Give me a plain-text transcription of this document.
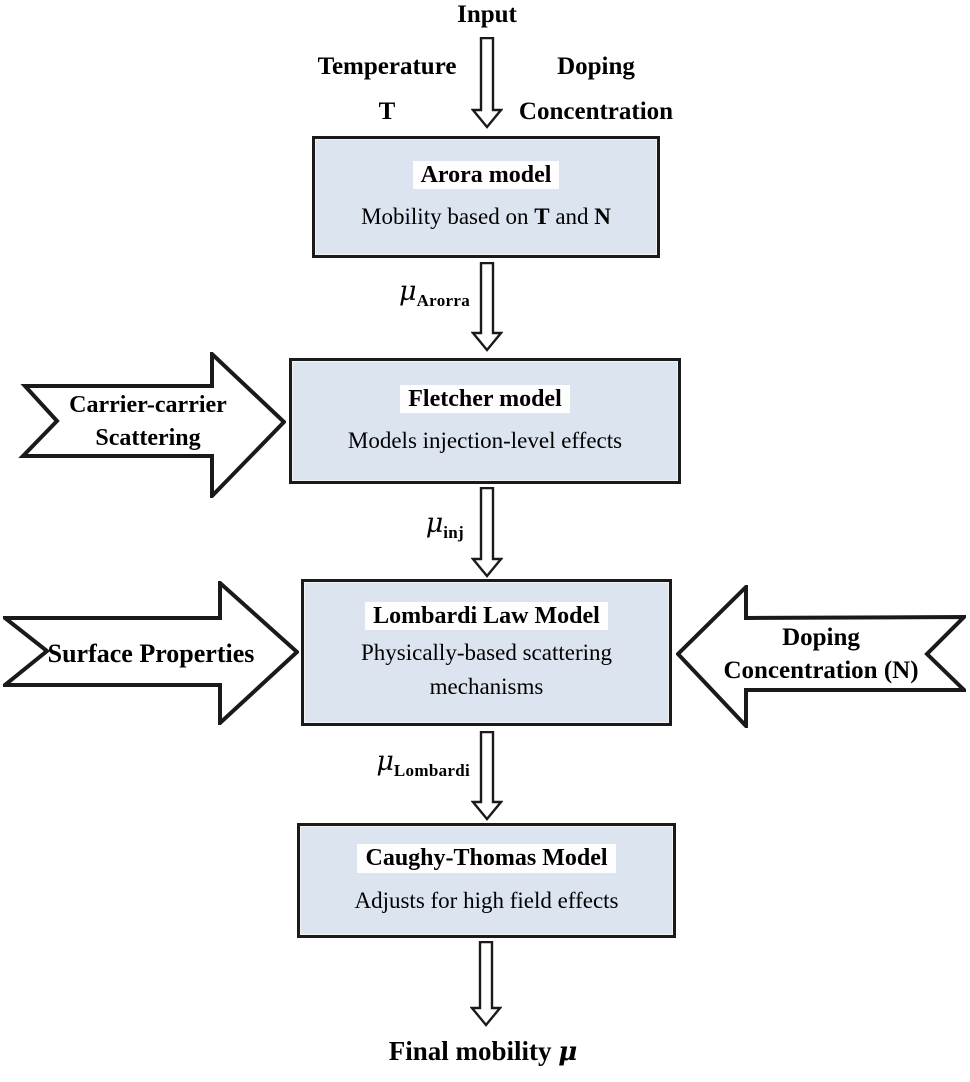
Input
Temperature
T
Doping
Concentration
Arora model
Mobility based on T and N
$\mu_{Arorra}$
Carrier-carrier
Scattering
Fletcher model
Models injection-level effects
$\mu_{inj}$
Surface Properties
Lombardi Law Model
Physically-based scattering
mechanisms
Doping
Concentration (N)
$\mu_{Lombardi}$
Caughy-Thomas Model
Adjusts for high field effects
Final mobility μ
